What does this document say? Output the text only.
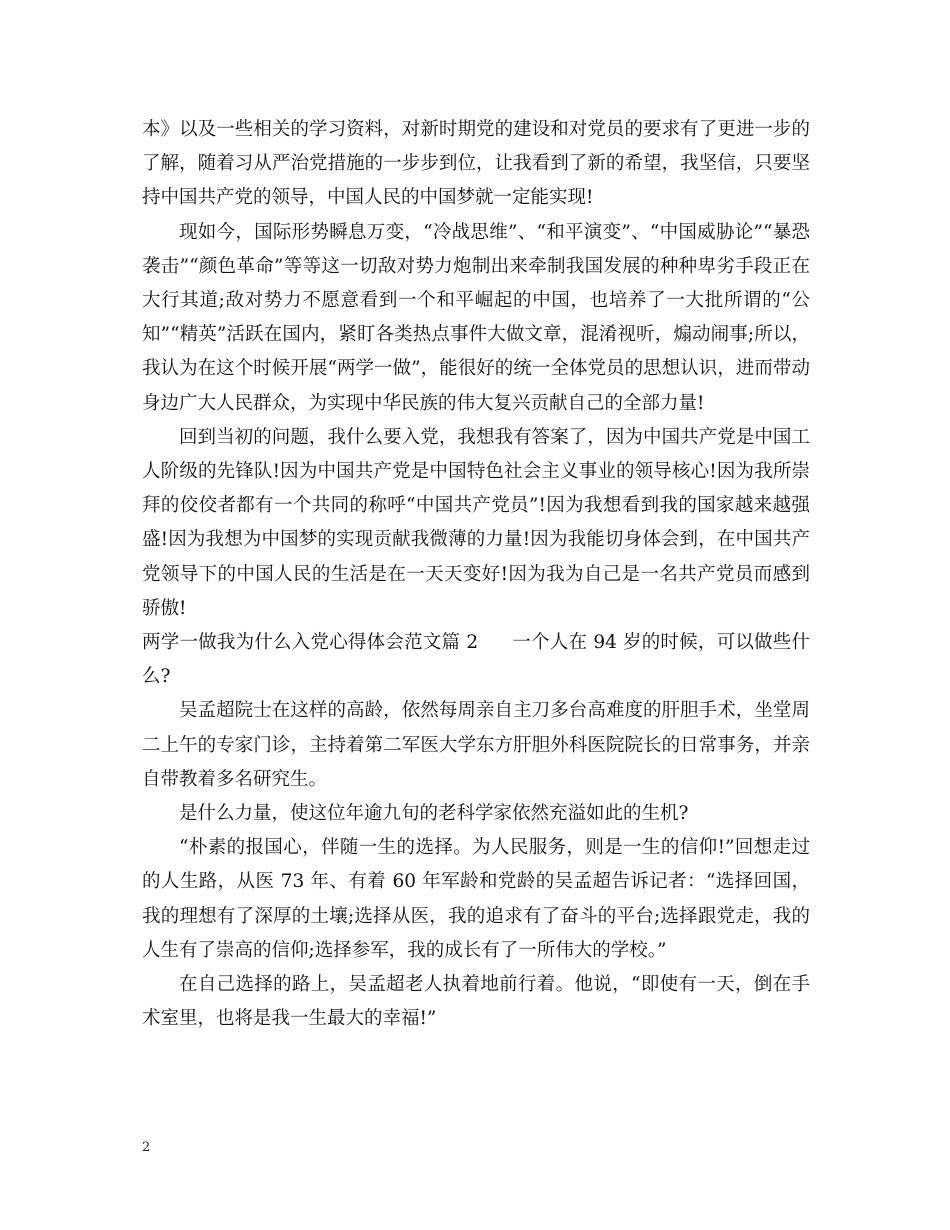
本》以及一些相关的学习资料，对新时期党的建设和对党员的要求有了更进一步的了解，随着习从严治党措施的一步步到位，让我看到了新的希望，我坚信，只要坚持中国共产党的领导，中国人民的中国梦就一定能实现!

现如今，国际形势瞬息万变，“冷战思维”、“和平演变”、“中国威胁论”“暴恐袭击”“颜色革命”等等这一切敌对势力炮制出来牵制我国发展的种种卑劣手段正在大行其道;敌对势力不愿意看到一个和平崛起的中国，也培养了一大批所谓的“公知”“精英”活跃在国内，紧盯各类热点事件大做文章，混淆视听，煽动闹事;所以，我认为在这个时候开展“两学一做”，能很好的统一全体党员的思想认识，进而带动身边广大人民群众，为实现中华民族的伟大复兴贡献自己的全部力量!

回到当初的问题，我什么要入党，我想我有答案了，因为中国共产党是中国工人阶级的先锋队!因为中国共产党是中国特色社会主义事业的领导核心!因为我所崇拜的佼佼者都有一个共同的称呼“中国共产党员”!因为我想看到我的国家越来越强盛!因为我想为中国梦的实现贡献我微薄的力量!因为我能切身体会到，在中国共产党领导下的中国人民的生活是在一天天变好!因为我为自己是一名共产党员而感到骄傲!

两学一做我为什么入党心得体会范文篇 2 一个人在 94 岁的时候，可以做些什么?

吴孟超院士在这样的高龄，依然每周亲自主刀多台高难度的肝胆手术，坐堂周二上午的专家门诊，主持着第二军医大学东方肝胆外科医院院长的日常事务，并亲自带教着多名研究生。

是什么力量，使这位年逾九旬的老科学家依然充溢如此的生机?

“朴素的报国心，伴随一生的选择。为人民服务，则是一生的信仰!”回想走过的人生路，从医 73 年、有着 60 年军龄和党龄的吴孟超告诉记者：“选择回国，我的理想有了深厚的土壤;选择从医，我的追求有了奋斗的平台;选择跟党走，我的人生有了崇高的信仰;选择参军，我的成长有了一所伟大的学校。”

在自己选择的路上，吴孟超老人执着地前行着。他说，“即使有一天，倒在手术室里，也将是我一生最大的幸福!”

2
